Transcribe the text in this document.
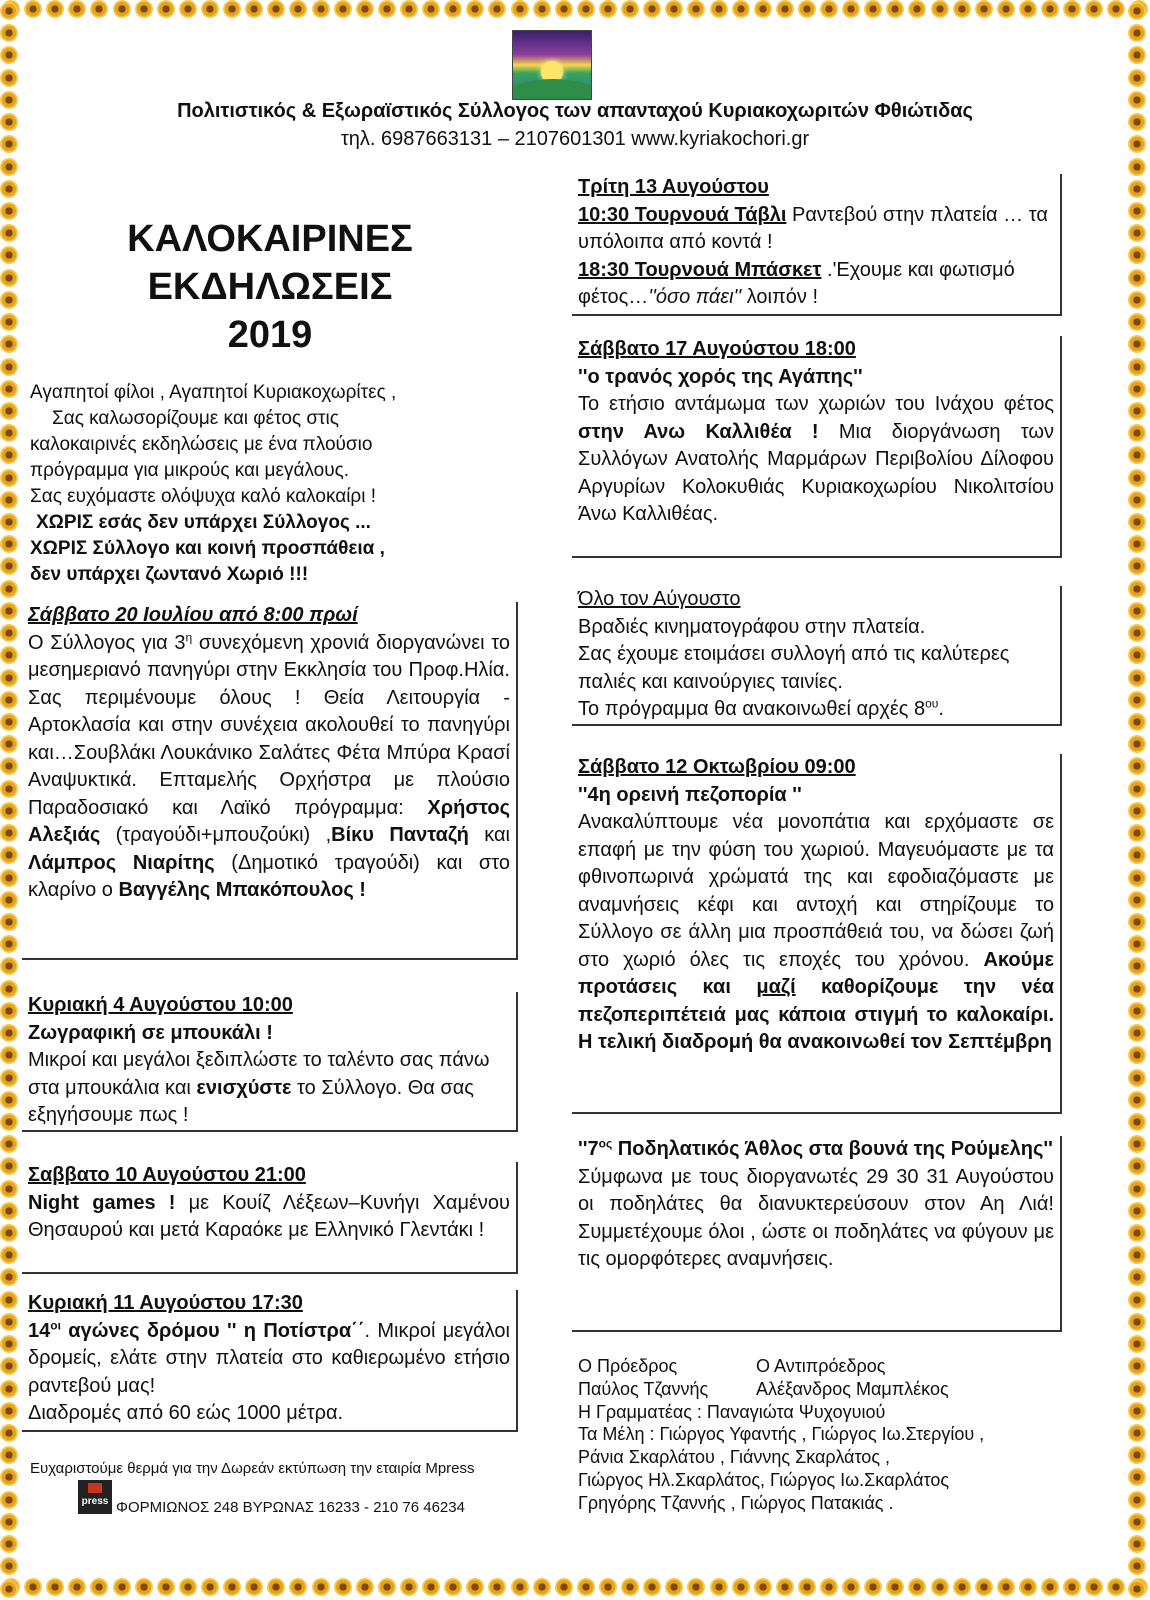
Πολιτιστικός & Εξωραϊστικός Σύλλογος των απανταχού Κυριακοχωριτών Φθιώτιδας
τηλ. 6987663131 – 2107601301 www.kyriakochori.gr
ΚΑΛΟΚΑΙΡΙΝΕΣ
ΕΚΔΗΛΩΣΕΙΣ
2019

Αγαπητοί φίλοι , Αγαπητοί Κυριακοχωρίτες ,

Σας καλωσορίζουμε και φέτος στις

καλοκαιρινές εκδηλώσεις με ένα πλούσιο

πρόγραμμα για μικρούς και μεγάλους.

Σας ευχόμαστε ολόψυχα καλό καλοκαίρι !

ΧΩΡΙΣ εσάς δεν υπάρχει Σύλλογος ...

ΧΩΡΙΣ Σύλλογο και κοινή προσπάθεια ,

δεν υπάρχει ζωντανό Χωριό !!!

Σάββατο 20 Ιουλίου από 8:00 πρωί

Ο Σύλλογος για $3^\eta$ συνεχόμενη χρονιά διοργανώνει το μεσημεριανό πανηγύρι στην Εκκλησία του Προφ.Ηλία. Σας περιμένουμε όλους ! Θεία Λειτουργία - Αρτοκλασία και στην συνέχεια ακολουθεί το πανηγύρι και…Σουβλάκι Λουκάνικο Σαλάτες Φέτα Μπύρα Κρασί Αναψυκτικά. Επταμελής Ορχήστρα με πλούσιο Παραδοσιακό και Λαϊκό πρόγραμμα: Χρήστος Αλεξιάς (τραγούδι+μπουζούκι) ,Βίκυ Πανταζή και Λάμπρος Νιαρίτης (Δημοτικό τραγούδι) και στο κλαρίνο ο Βαγγέλης Μπακόπουλος !

Κυριακή 4 Αυγούστου 10:00
Ζωγραφική σε μπουκάλι !

Μικροί και μεγάλοι ξεδιπλώστε το ταλέντο σας πάνω στα μπουκάλια και ενισχύστε το Σύλλογο. Θα σας εξηγήσουμε πως !

Σαββατο 10 Αυγούστου 21:00

Night games ! με Κουίζ Λέξεων–Κυνήγι Χαμένου Θησαυρού και μετά Καραόκε με Ελληνικό Γλεντάκι !

Κυριακή 11 Αυγούστου 17:30

$14^{o\iota}$ αγώνες δρόμου '' η Ποτίστρα΄΄. Μικροί μεγάλοι δρομείς, ελάτε στην πλατεία στο καθιερωμένο ετήσιο ραντεβού μας!

Διαδρομές από 60 εώς 1000 μέτρα.

Τρίτη 13 Αυγούστου

10:30 Τουρνουά Τάβλι Ραντεβού στην πλατεία … τα υπόλοιπα από κοντά !

18:30 Τουρνουά Μπάσκετ .'Εχουμε και φωτισμό φέτος…''όσο πάει'' λοιπόν !

Σάββατο 17 Αυγούστου 18:00
''ο τρανός χορός της Αγάπης''

Το ετήσιο αντάμωμα των χωριών του Ινάχου φέτος στην Ανω Καλλιθέα ! Μια διοργάνωση των Συλλόγων Ανατολής Μαρμάρων Περιβολίου Δίλοφου Αργυρίων Κολοκυθιάς Κυριακοχωρίου Νικολιτσίου Άνω Καλλιθέας.

Όλο τον Αύγουστο

Βραδιές κινηματογράφου στην πλατεία.

Σας έχουμε ετοιμάσει συλλογή από τις καλύτερες παλιές και καινούργιες ταινίες.

Το πρόγραμμα θα ανακοινωθεί αρχές $8^{o\upsilon}$.

Σάββατο 12 Οκτωβρίου 09:00
''4η ορεινή πεζοπορία ''

Ανακαλύπτουμε νέα μονοπάτια και ερχόμαστε σε επαφή με την φύση του χωριού. Μαγευόμαστε με τα φθινοπωρινά χρώματά της και εφοδιαζόμαστε με αναμνήσεις κέφι και αντοχή και στηρίζουμε το Σύλλογο σε άλλη μια προσπάθειά του, να δώσει ζωή στο χωριό όλες τις εποχές του χρόνου. Ακούμε προτάσεις και μαζί καθορίζουμε την νέα πεζοπεριπέτειά μας κάποια στιγμή το καλοκαίρι. Η τελική διαδρομή θα ανακοινωθεί τον Σεπτέμβρη

''$7^{o\varsigma}$ Ποδηλατικός Άθλος στα βουνά της Ρούμελης''

Σύμφωνα με τους διοργανωτές 29 30 31 Αυγούστου οι ποδηλάτες θα διανυκτερεύσουν στον Αη Λιά! Συμμετέχουμε όλοι , ώστε οι ποδηλάτες να φύγουν με τις ομορφότερες αναμνήσεις.

Ο Πρόεδρος	Ο Αντιπρόεδρος
Παύλος Τζαννής	Αλέξανδρος Μαμπλέκος
Η Γραμματέας : Παναγιώτα Ψυχογυιού
Τα Μέλη : Γιώργος Υφαντής , Γιώργος Ιω.Στεργίου ,
Ράνια Σκαρλάτου , Γιάννης Σκαρλάτος ,
Γιώργος Ηλ.Σκαρλάτος, Γιώργος Ιω.Σκαρλάτος
Γρηγόρης Τζαννής , Γιώργος Πατακιάς .
Ευχαριστούμε θερμά για την Δωρεάν εκτύπωση την εταιρία Mpress
press ΦΟΡΜΙΩΝΟΣ 248 ΒΥΡΩΝΑΣ 16233 - 210 76 46234
